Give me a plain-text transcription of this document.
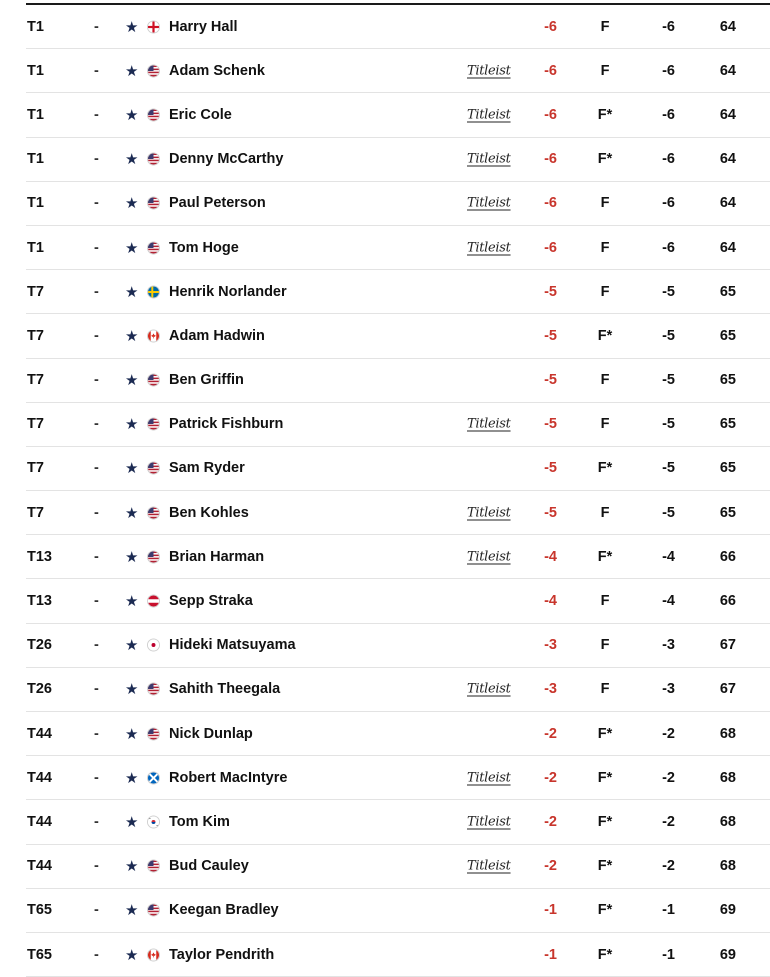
T1	- ★ Harry Hall	-6	F	-6	64
T1	- ★ Adam Schenk	Titleist	-6	F	-6	64
T1	- ★ Eric Cole	Titleist	-6	F*	-6	64
T1	- ★ Denny McCarthy	Titleist	-6	F*	-6	64
T1	- ★ Paul Peterson	Titleist	-6	F	-6	64
T1	- ★ Tom Hoge	Titleist	-6	F	-6	64
T7	- ★ Henrik Norlander	-5	F	-5	65
T7	- ★ Adam Hadwin	-5	F*	-5	65
T7	- ★ Ben Griffin	-5	F	-5	65
T7	- ★ Patrick Fishburn	Titleist	-5	F	-5	65
T7	- ★ Sam Ryder	-5	F*	-5	65
T7	- ★ Ben Kohles	Titleist	-5	F	-5	65
T13	- ★ Brian Harman	Titleist	-4	F*	-4	66
T13	- ★ Sepp Straka	-4	F	-4	66
T26	- ★ Hideki Matsuyama	-3	F	-3	67
T26	- ★ Sahith Theegala	Titleist	-3	F	-3	67
T44	- ★ Nick Dunlap	-2	F*	-2	68
T44	- ★ Robert MacIntyre	Titleist	-2	F*	-2	68
T44	- ★ Tom Kim	Titleist	-2	F*	-2	68
T44	- ★ Bud Cauley	Titleist	-2	F*	-2	68
T65	- ★ Keegan Bradley	-1	F*	-1	69
T65	- ★ Taylor Pendrith	-1	F*	-1	69
